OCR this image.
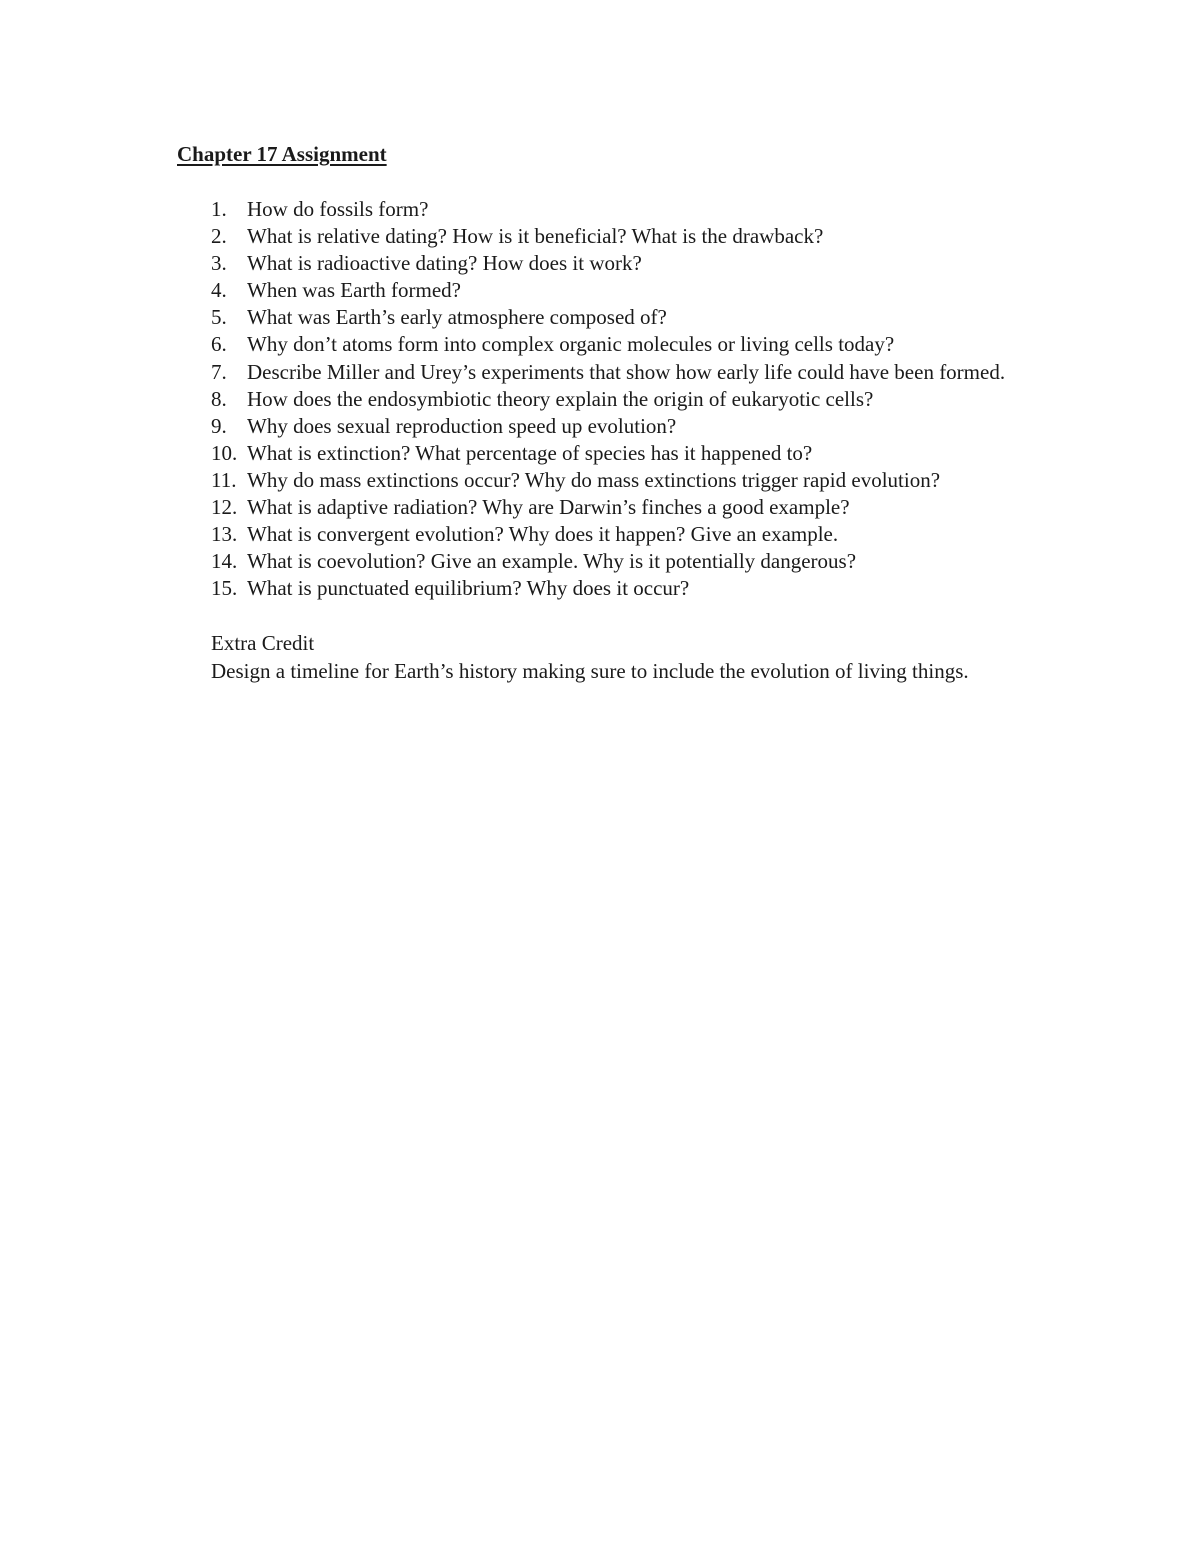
Chapter 17 Assignment
1. How do fossils form?
2. What is relative dating? How is it beneficial? What is the drawback?
3. What is radioactive dating? How does it work?
4. When was Earth formed?
5. What was Earth’s early atmosphere composed of?
6. Why don’t atoms form into complex organic molecules or living cells today?
7. Describe Miller and Urey’s experiments that show how early life could have been formed.
8. How does the endosymbiotic theory explain the origin of eukaryotic cells?
9. Why does sexual reproduction speed up evolution?
10. What is extinction? What percentage of species has it happened to?
11. Why do mass extinctions occur? Why do mass extinctions trigger rapid evolution?
12. What is adaptive radiation? Why are Darwin’s finches a good example?
13. What is convergent evolution? Why does it happen? Give an example.
14. What is coevolution? Give an example. Why is it potentially dangerous?
15. What is punctuated equilibrium? Why does it occur?
Extra Credit
Design a timeline for Earth’s history making sure to include the evolution of living things.
